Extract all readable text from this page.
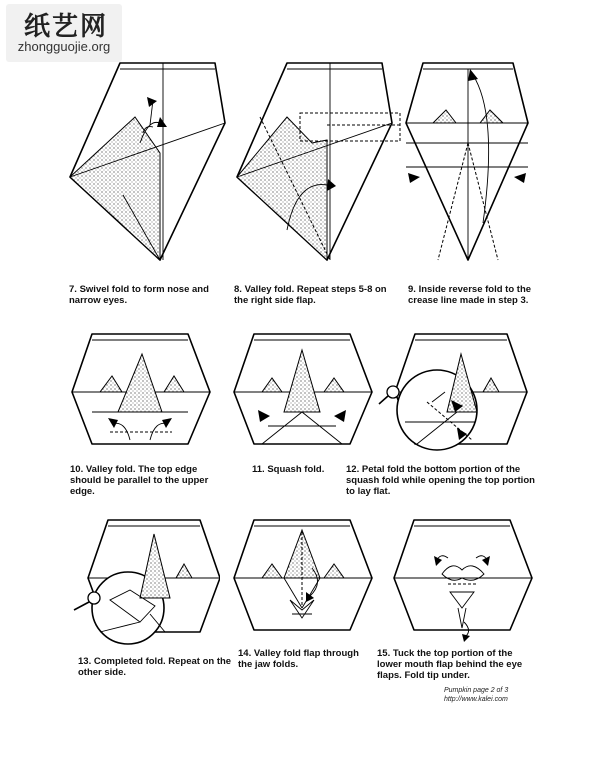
纸艺网
zhongguojie.org
7. Swivel fold to form nose and narrow eyes.
8. Valley fold. Repeat steps 5-8 on the right side flap.
9. Inside reverse fold to the crease line made in step 3.
10. Valley fold. The top edge should be parallel to the upper edge.
11. Squash fold.	12. Petal fold the bottom portion of the squash fold while opening the top portion to lay flat.
13. Completed fold. Repeat on the other side.
14. Valley fold flap through the jaw folds.
15. Tuck the top portion of the lower mouth flap behind the eye flaps. Fold tip under.
Pumpkin page 2 of 3
http://www.kalei.com
